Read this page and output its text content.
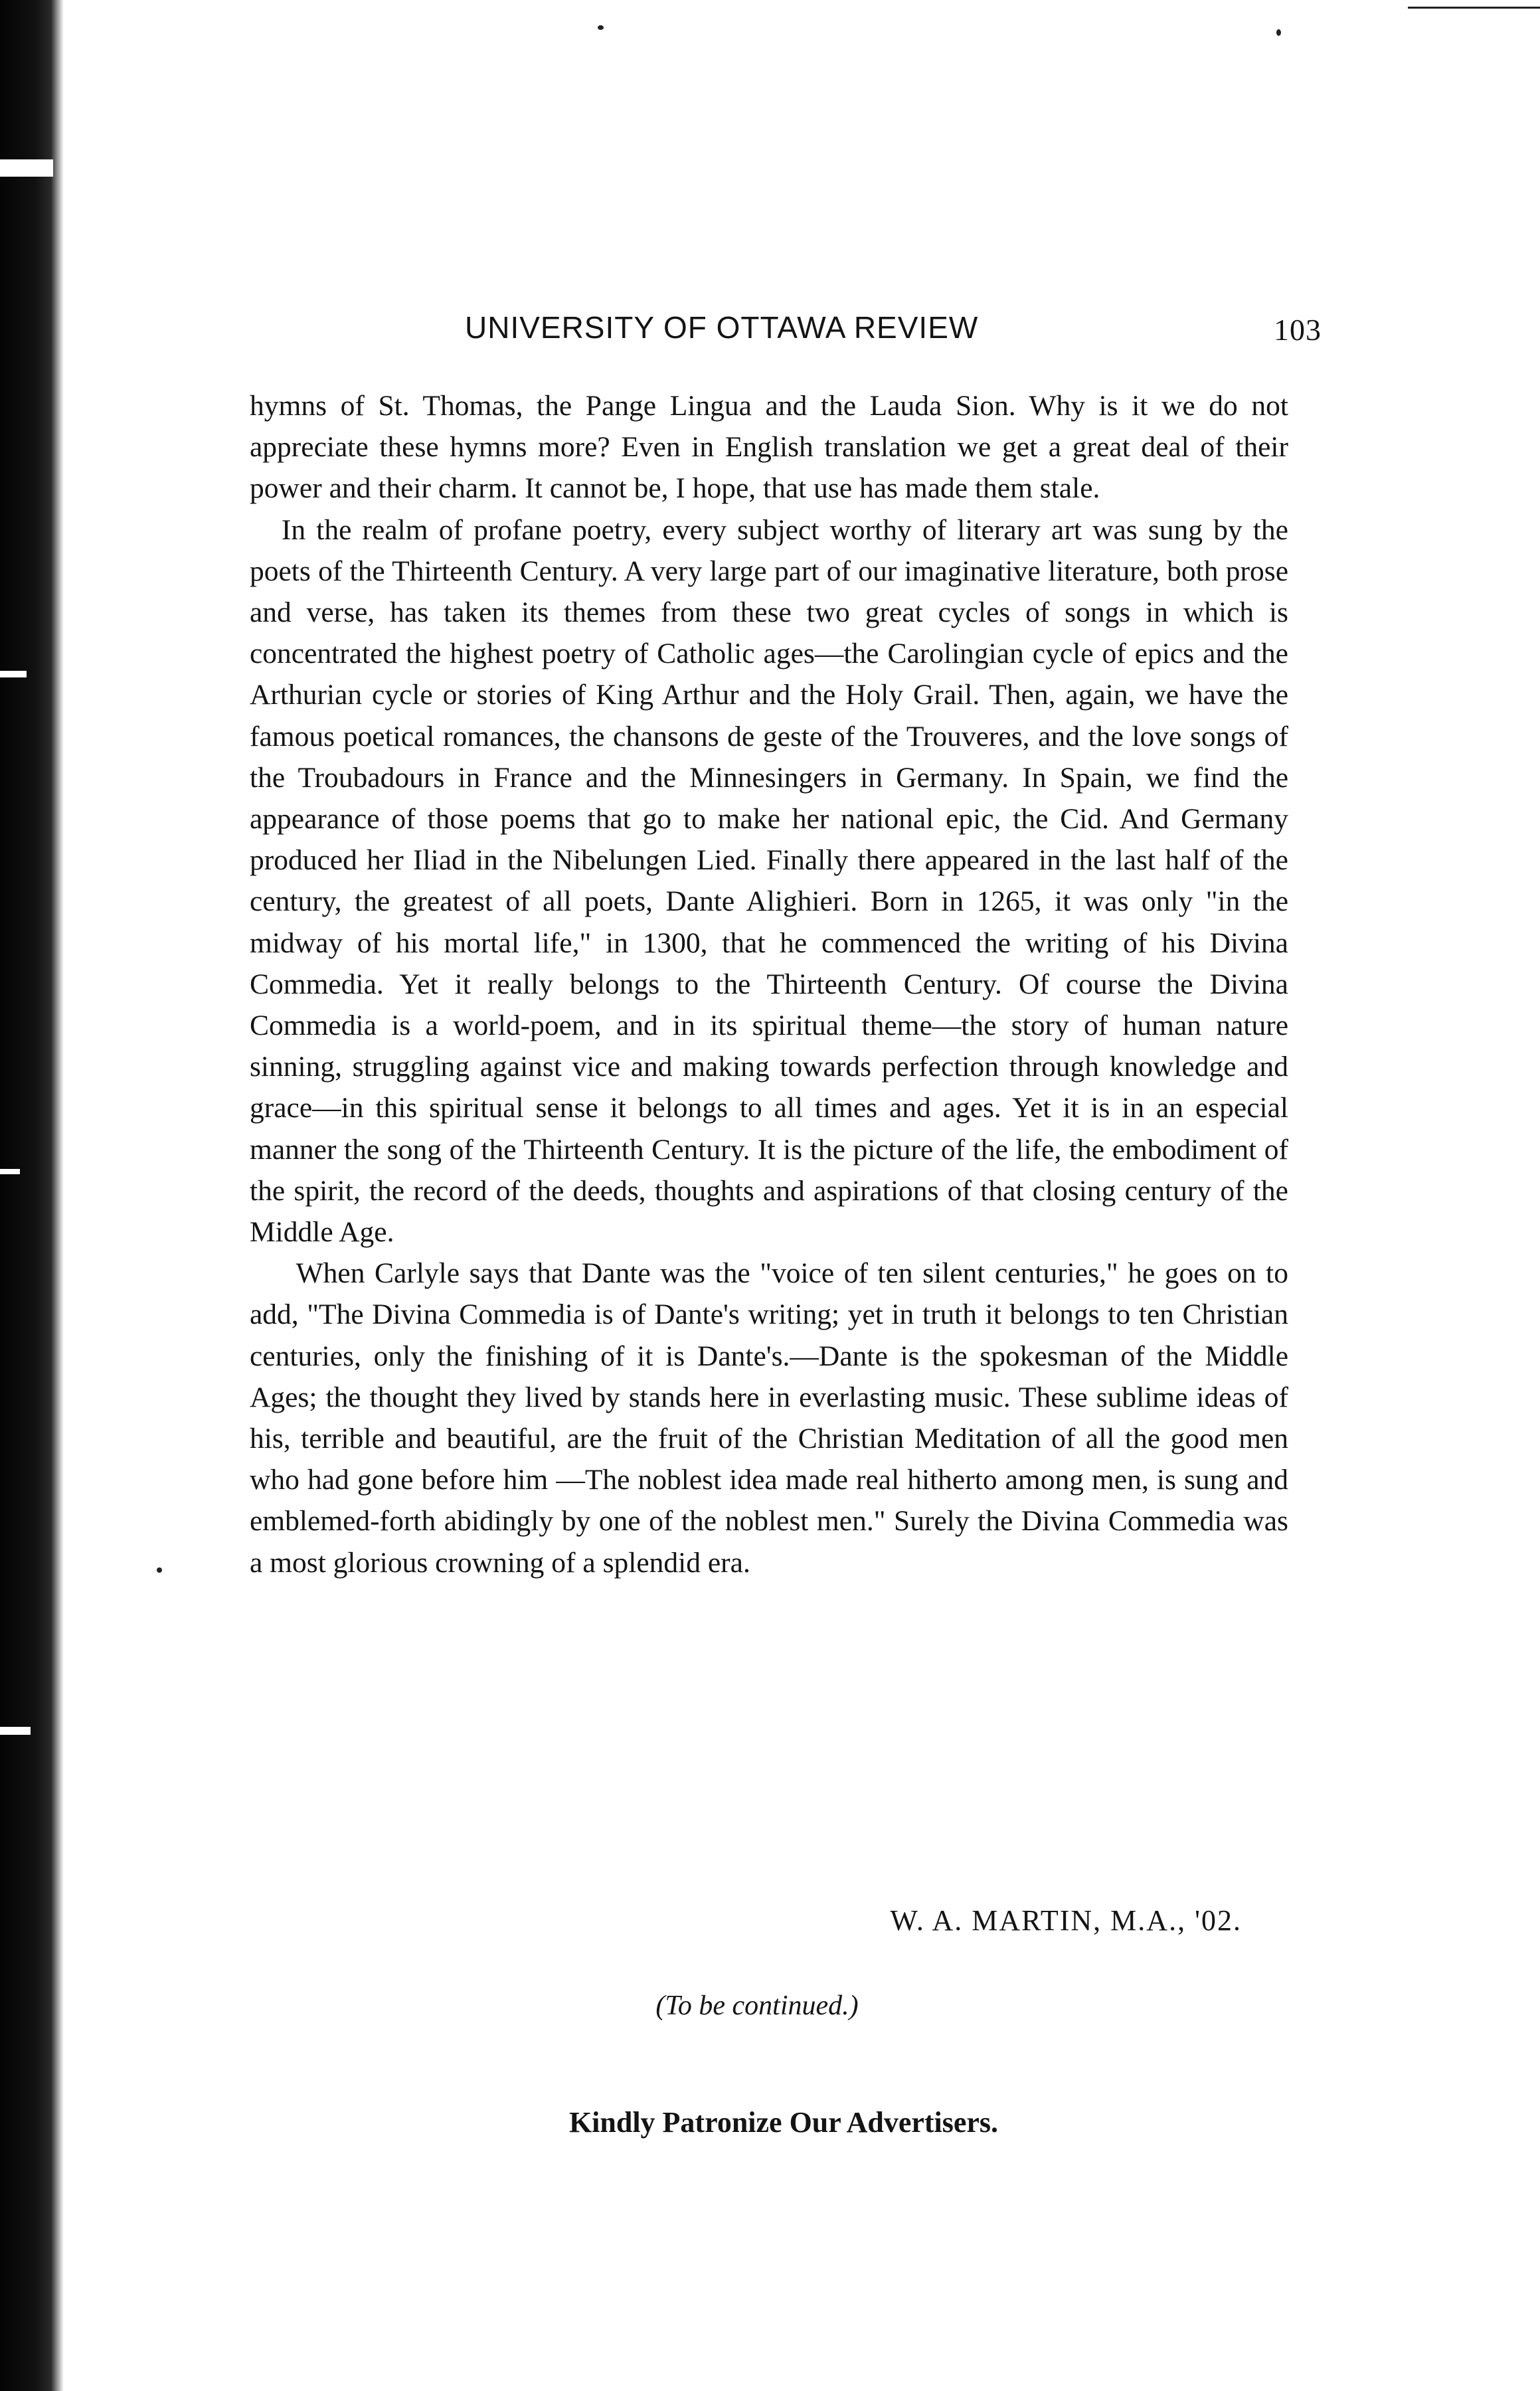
UNIVERSITY OF OTTAWA REVIEW	103

hymns of St. Thomas, the Pange Lingua and the Lauda Sion. Why is it we do not appreciate these hymns more? Even in English translation we get a great deal of their power and their charm. It cannot be, I hope, that use has made them stale.

In the realm of profane poetry, every subject worthy of literary art was sung by the poets of the Thirteenth Century. A very large part of our imaginative literature, both prose and verse, has taken its themes from these two great cycles of songs in which is concentrated the highest poetry of Catholic ages—the Carolingian cycle of epics and the Arthurian cycle or stories of King Arthur and the Holy Grail. Then, again, we have the famous poetical romances, the chansons de geste of the Trouveres, and the love songs of the Troubadours in France and the Minnesingers in Germany. In Spain, we find the appearance of those poems that go to make her national epic, the Cid. And Germany produced her Iliad in the Nibelungen Lied. Finally there appeared in the last half of the century, the greatest of all poets, Dante Alighieri. Born in 1265, it was only "in the midway of his mortal life," in 1300, that he commenced the writing of his Divina Commedia. Yet it really belongs to the Thirteenth Century. Of course the Divina Commedia is a world-poem, and in its spiritual theme—the story of human nature sinning, struggling against vice and making towards perfection through knowledge and grace—in this spiritual sense it belongs to all times and ages. Yet it is in an especial manner the song of the Thirteenth Century. It is the picture of the life, the embodiment of the spirit, the record of the deeds, thoughts and aspirations of that closing century of the Middle Age.

When Carlyle says that Dante was the "voice of ten silent centuries," he goes on to add, "The Divina Commedia is of Dante's writing; yet in truth it belongs to ten Christian centuries, only the finishing of it is Dante's.—Dante is the spokesman of the Middle Ages; the thought they lived by stands here in everlasting music. These sublime ideas of his, terrible and beautiful, are the fruit of the Christian Meditation of all the good men who had gone before him —The noblest idea made real hitherto among men, is sung and emblemed-forth abidingly by one of the noblest men." Surely the Divina Commedia was a most glorious crowning of a splendid era.

W. A. MARTIN, M.A., '02.
(To be continued.)
Kindly Patronize Our Advertisers.
